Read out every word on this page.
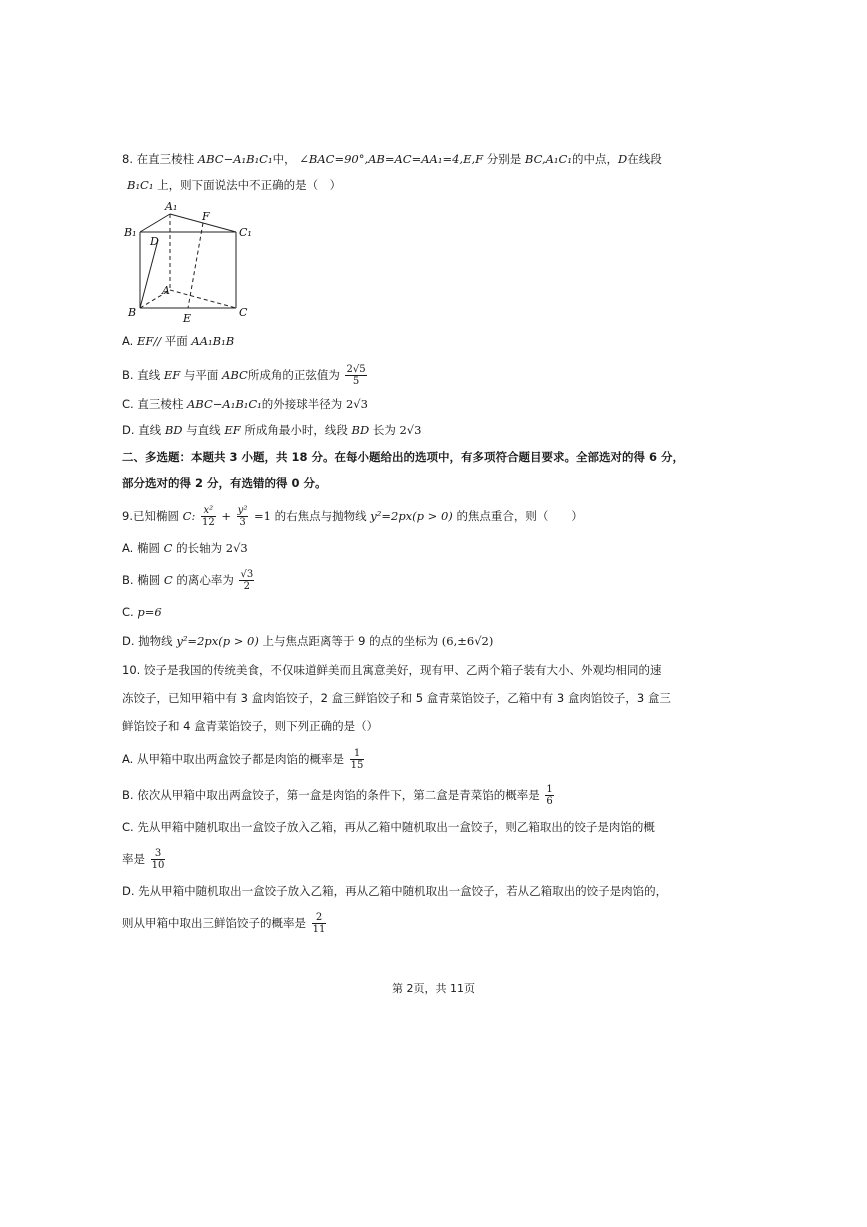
8. 在直三棱柱 ABC−A₁B₁C₁中， ∠BAC=90°,AB=AC=AA₁=4,E,F 分别是 BC,A₁C₁的中点，D在线段
B₁C₁ 上，则下面说法中不正确的是（　）
A₁
F
B₁	C₁
D
A
B	C
E
A. EF// 平面 AA₁B₁B
B. 直线 EF 与平面 ABC所成角的正弦值为 $\frac{2√5}{5}$
C. 直三棱柱 ABC−A₁B₁C₁的外接球半径为 2√3
D. 直线 BD 与直线 EF 所成角最小时，线段 BD 长为 2√3
二、多选题：本题共 3 小题，共 18 分。在每小题给出的选项中，有多项符合题目要求。全部选对的得 6 分，
部分选对的得 2 分，有选错的得 0 分。
9.已知椭圆 C: $\frac{\text{x²}}{12} + \frac{\text{y²}}{3} =1$ 的右焦点与抛物线 y²=2px(p > 0) 的焦点重合，则（　　）
A. 椭圆 C 的长轴为 2√3
B. 椭圆 C 的离心率为 $\frac{√3}{2}$
C. p=6
D. 抛物线 y²=2px(p > 0) 上与焦点距离等于 9 的点的坐标为 (6,±6√2)
10. 饺子是我国的传统美食，不仅味道鲜美而且寓意美好，现有甲、乙两个箱子装有大小、外观均相同的速
冻饺子，已知甲箱中有 3 盒肉馅饺子，2 盒三鲜馅饺子和 5 盒青菜馅饺子，乙箱中有 3 盒肉馅饺子，3 盒三
鲜馅饺子和 4 盒青菜馅饺子，则下列正确的是（）
A. 从甲箱中取出两盒饺子都是肉馅的概率是 $\frac{1}{15}$
B. 依次从甲箱中取出两盒饺子，第一盒是肉馅的条件下，第二盒是青菜馅的概率是 $\frac{1}{6}$
C. 先从甲箱中随机取出一盒饺子放入乙箱，再从乙箱中随机取出一盒饺子，则乙箱取出的饺子是肉馅的概
率是 $\frac{3}{10}$
D. 先从甲箱中随机取出一盒饺子放入乙箱，再从乙箱中随机取出一盒饺子，若从乙箱取出的饺子是肉馅的，
则从甲箱中取出三鲜馅饺子的概率是 $\frac{2}{11}$
第 2页，共 11页
